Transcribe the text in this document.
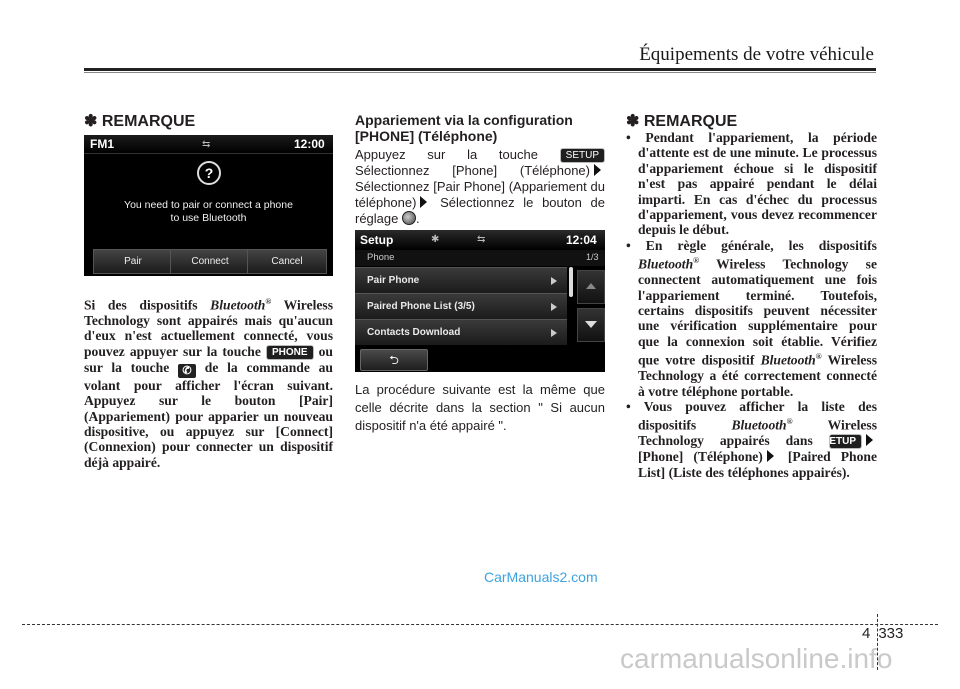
Équipements de votre véhicule
✽ REMARQUE
FM1	⇆	12:00
?
You need to pair or connect a phone
to use Bluetooth
Pair	Connect	Cancel
Si des dispositifs Bluetooth® Wireless Technology sont appairés mais qu'aucun d'eux n'est actuellement connecté, vous pouvez appuyer sur la touche PHONE ou sur la touche ✆ de la commande au volant pour afficher l'écran suivant. Appuyez sur le bouton [Pair] (Appariement) pour apparier un nouveau dispositive, ou appuyez sur [Connect] (Connexion) pour connecter un dispositif déjà appairé.
Appariement via la configuration
[PHONE] (Téléphone)
Appuyez sur la touche	SETUP Sélectionnez [Phone] (Téléphone) Sélectionnez [Pair Phone] (Appariement du téléphone) Sélectionnez le bouton de réglage .
Setup	✱	⇆	12:04
Phone	1/3
Pair Phone
Paired Phone List (3/5)
Contacts Download
⮌
La procédure suivante est la même que celle décrite dans la section " Si aucun dispositif n'a été appairé ".
✽ REMARQUE
• Pendant l'appariement, la période d'attente est de une minute. Le processus d'appariement échoue si le dispositif n'est pas appairé pendant le délai imparti. En cas d'échec du processus d'appariement, vous devez recommencer depuis le début.
• En règle générale, les dispositifs Bluetooth® Wireless Technology se connectent automatiquement une fois l'appariement terminé. Toutefois, certains dispositifs peuvent nécessiter une vérification supplémentaire pour que la connexion soit établie. Vérifiez que votre dispositif Bluetooth® Wireless Technology a été correctement connecté à votre téléphone portable.
• Vous pouvez afficher la liste des dispositifs	Bluetooth® Wireless Technology appairés dans SETUP [Phone] (Téléphone) [Paired Phone List] (Liste des téléphones appairés).
CarManuals2.com
4 333
carmanualsonline.info
